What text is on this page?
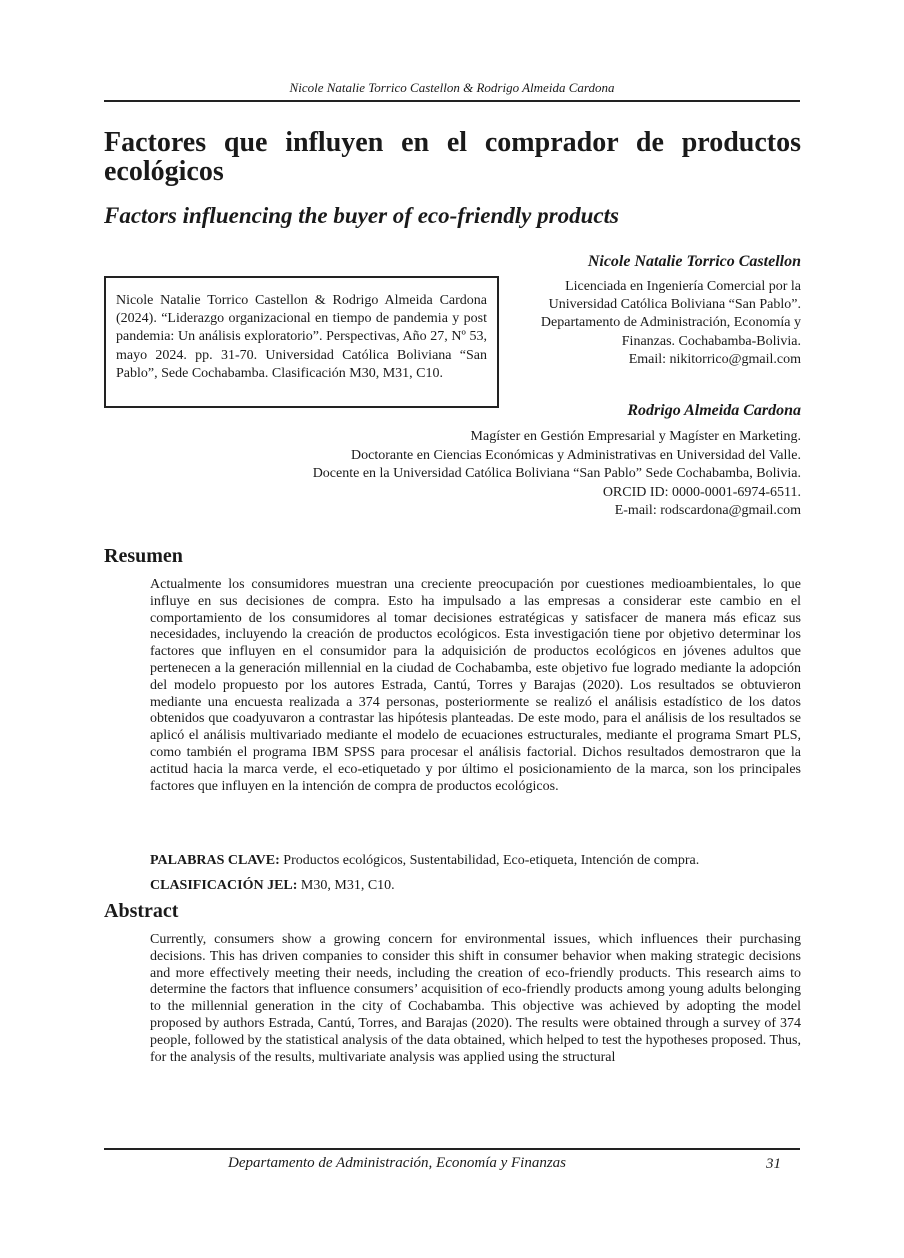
Nicole Natalie Torrico Castellon & Rodrigo Almeida Cardona
Factores que influyen en el comprador de productos ecológicos
Factors influencing the buyer of eco-friendly products
Nicole Natalie Torrico Castellon
Licenciada en Ingeniería Comercial por la Universidad Católica Boliviana “San Pablo”. Departamento de Administración, Economía y Finanzas. Cochabamba-Bolivia.
Email: nikitorrico@gmail.com
Nicole Natalie Torrico Castellon & Rodrigo Almeida Cardona (2024). “Liderazgo organizacional en tiempo de pandemia y post pandemia: Un análisis exploratorio”. Perspectivas, Año 27, Nº 53, mayo 2024. pp. 31-70. Universidad Católica Boliviana “San Pablo”, Sede Cochabamba. Clasificación M30, M31, C10.
Rodrigo Almeida Cardona
Magíster en Gestión Empresarial y Magíster en Marketing.
Doctorante en Ciencias Económicas y Administrativas en Universidad del Valle.
Docente en la Universidad Católica Boliviana “San Pablo” Sede Cochabamba, Bolivia.
ORCID ID: 0000-0001-6974-6511.
E-mail: rodscardona@gmail.com
Resumen

Actualmente los consumidores muestran una creciente preocupación por cuestiones medioambientales, lo que influye en sus decisiones de compra. Esto ha impulsado a las empresas a considerar este cambio en el comportamiento de los consumidores al tomar decisiones estratégicas y satisfacer de manera más eficaz sus necesidades, incluyendo la creación de productos ecológicos. Esta investigación tiene por objetivo determinar los factores que influyen en el consumidor para la adquisición de productos ecológicos en jóvenes adultos que pertenecen a la generación millennial en la ciudad de Cochabamba, este objetivo fue logrado mediante la adopción del modelo propuesto por los autores Estrada, Cantú, Torres y Barajas (2020). Los resultados se obtuvieron mediante una encuesta realizada a 374 personas, posteriormente se realizó el análisis estadístico de los datos obtenidos que coadyuvaron a contrastar las hipótesis planteadas. De este modo, para el análisis de los resultados se aplicó el análisis multivariado mediante el modelo de ecuaciones estructurales, mediante el programa Smart PLS, como también el programa IBM SPSS para procesar el análisis factorial. Dichos resultados demostraron que la actitud hacia la marca verde, el eco-etiquetado y por último el posicionamiento de la marca, son los principales factores que influyen en la intención de compra de productos ecológicos.

PALABRAS CLAVE: Productos ecológicos, Sustentabilidad, Eco-etiqueta, Intención de compra.
CLASIFICACIÓN JEL: M30, M31, C10.
Abstract

Currently, consumers show a growing concern for environmental issues, which influences their purchasing decisions. This has driven companies to consider this shift in consumer behavior when making strategic decisions and more effectively meeting their needs, including the creation of eco-friendly products. This research aims to determine the factors that influence consumers’ acquisition of eco-friendly products among young adults belonging to the millennial generation in the city of Cochabamba. This objective was achieved by adopting the model proposed by authors Estrada, Cantú, Torres, and Barajas (2020). The results were obtained through a survey of 374 people, followed by the statistical analysis of the data obtained, which helped to test the hypotheses proposed. Thus, for the analysis of the results, multivariate analysis was applied using the structural

Departamento de Administración, Economía y Finanzas	31
